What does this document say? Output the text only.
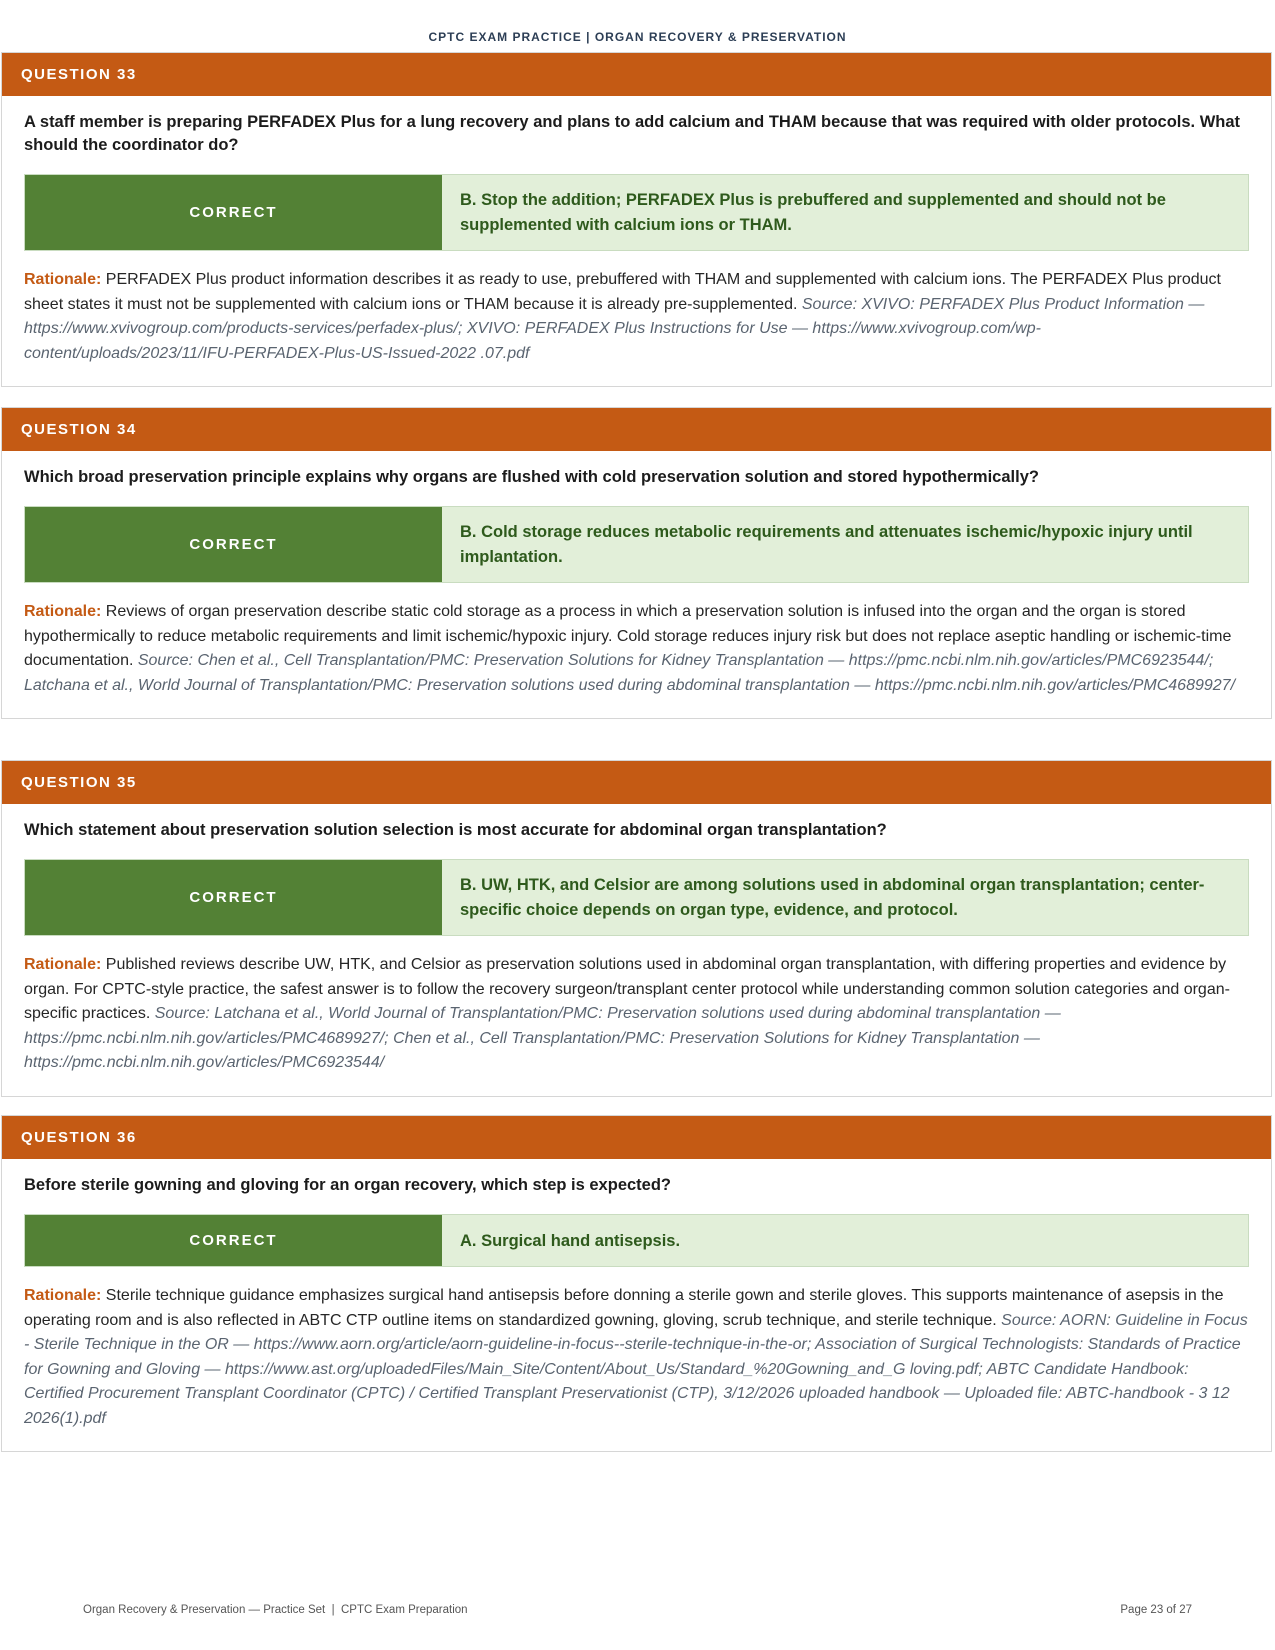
CPTC EXAM PRACTICE | ORGAN RECOVERY & PRESERVATION
QUESTION 33
A staff member is preparing PERFADEX Plus for a lung recovery and plans to add calcium and THAM because that was required with older protocols. What should the coordinator do?
CORRECT
B. Stop the addition; PERFADEX Plus is prebuffered and supplemented and should not be supplemented with calcium ions or THAM.
Rationale: PERFADEX Plus product information describes it as ready to use, prebuffered with THAM and supplemented with calcium ions. The PERFADEX Plus product sheet states it must not be supplemented with calcium ions or THAM because it is already pre-supplemented. Source: XVIVO: PERFADEX Plus Product Information — https://www.xvivogroup.com/products-services/perfadex-plus/; XVIVO: PERFADEX Plus Instructions for Use — https://www.xvivogroup.com/wp-content/uploads/2023/11/IFU-PERFADEX-Plus-US-Issued-2022 .07.pdf
QUESTION 34
Which broad preservation principle explains why organs are flushed with cold preservation solution and stored hypothermically?
CORRECT
B. Cold storage reduces metabolic requirements and attenuates ischemic/hypoxic injury until implantation.
Rationale: Reviews of organ preservation describe static cold storage as a process in which a preservation solution is infused into the organ and the organ is stored hypothermically to reduce metabolic requirements and limit ischemic/hypoxic injury. Cold storage reduces injury risk but does not replace aseptic handling or ischemic-time documentation. Source: Chen et al., Cell Transplantation/PMC: Preservation Solutions for Kidney Transplantation — https://pmc.ncbi.nlm.nih.gov/articles/PMC6923544/; Latchana et al., World Journal of Transplantation/PMC: Preservation solutions used during abdominal transplantation — https://pmc.ncbi.nlm.nih.gov/articles/PMC4689927/
QUESTION 35
Which statement about preservation solution selection is most accurate for abdominal organ transplantation?
CORRECT
B. UW, HTK, and Celsior are among solutions used in abdominal organ transplantation; center-specific choice depends on organ type, evidence, and protocol.
Rationale: Published reviews describe UW, HTK, and Celsior as preservation solutions used in abdominal organ transplantation, with differing properties and evidence by organ. For CPTC-style practice, the safest answer is to follow the recovery surgeon/transplant center protocol while understanding common solution categories and organ-specific practices. Source: Latchana et al., World Journal of Transplantation/PMC: Preservation solutions used during abdominal transplantation — https://pmc.ncbi.nlm.nih.gov/articles/PMC4689927/; Chen et al., Cell Transplantation/PMC: Preservation Solutions for Kidney Transplantation — https://pmc.ncbi.nlm.nih.gov/articles/PMC6923544/
QUESTION 36
Before sterile gowning and gloving for an organ recovery, which step is expected?
CORRECT	A. Surgical hand antisepsis.
Rationale: Sterile technique guidance emphasizes surgical hand antisepsis before donning a sterile gown and sterile gloves. This supports maintenance of asepsis in the operating room and is also reflected in ABTC CTP outline items on standardized gowning, gloving, scrub technique, and sterile technique. Source: AORN: Guideline in Focus - Sterile Technique in the OR — https://www.aorn.org/article/aorn-guideline-in-focus--sterile-technique-in-the-or; Association of Surgical Technologists: Standards of Practice for Gowning and Gloving — https://www.ast.org/uploadedFiles/Main_Site/Content/About_Us/Standard_%20Gowning_and_G loving.pdf; ABTC Candidate Handbook: Certified Procurement Transplant Coordinator (CPTC) / Certified Transplant Preservationist (CTP), 3/12/2026 uploaded handbook — Uploaded file: ABTC-handbook - 3 12 2026(1).pdf
Organ Recovery & Preservation — Practice Set  |  CPTC Exam Preparation	Page 23 of 27
